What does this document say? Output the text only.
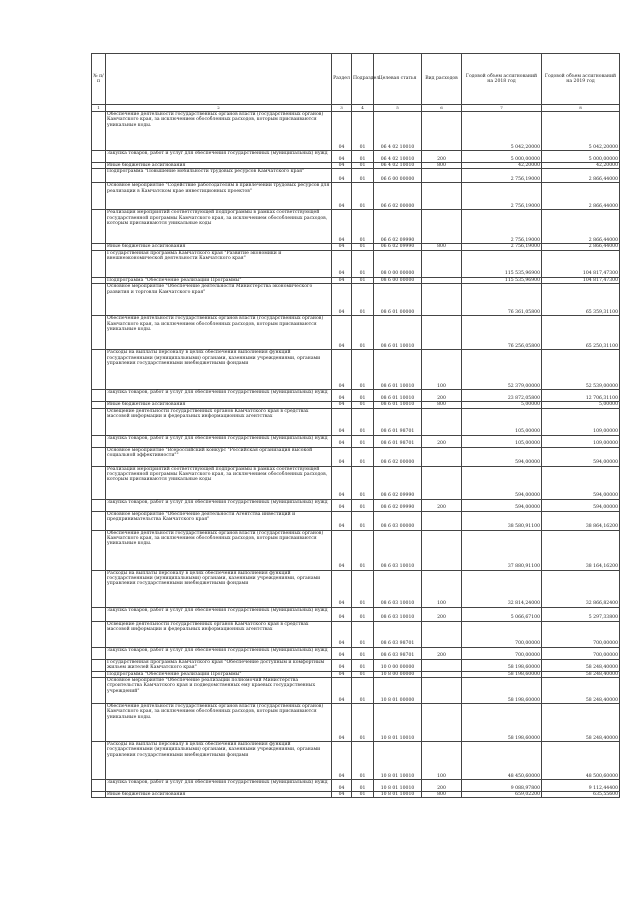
№ п/п		Раздел	Подраздел	Целевая статья	Вид расходов	Годовой объем ассигнований на 2018 год	Годовой объем ассигнований на 2019 год
1	2	3	4	5	6	7	8
	Обеспечение деятельности государственных органов власти (государственных органов) Камчатского края, за исключением обособленных расходов, которым присваиваются уникальные коды.	04	01	06 4 02 10010		5 042,20000	5 042,20000
	Закупка товаров, работ и услуг для обеспечения государственных (муниципальных) нужд	04	01	06 4 02 10010	200	5 000,00000	5 000,00000
	Иные бюджетные ассигнования	04	01	06 4 02 10010	800	42,20000	42,20000
	Подпрограмма "Повышение мобильности трудовых ресурсов Камчатского края"	04	01	06 6 00 00000		2 756,19000	2 866,44000
	Основное мероприятие "Содействие работодателям в привлечении трудовых ресурсов для реализации в Камчатском крае инвестиционных проектов"	04	01	06 6 02 00000		2 756,19000	2 866,44000
	Реализация мероприятий соответствующей подпрограммы в рамках соответствующей государственной программы Камчатского края, за исключением обособленных расходов, которым присваиваются уникальные коды	04	01	06 6 02 09990		2 756,19000	2 866,44000
	Иные бюджетные ассигнования	04	01	06 6 02 09990	800	2 756,19000	2 866,44000
	Государственная программа Камчатского края "Развитие экономики и внешнеэкономической деятельности Камчатского края"	04	01	08 0 00 00000		115 535,96900	104 817,47300
	Подпрограмма "Обеспечение реализации Программы"	04	01	08 6 00 00000		115 535,96900	104 817,47300
	Основное мероприятие "Обеспечение деятельности Министерства экономического развития и торговли Камчатского края"	04	01	08 6 01 00000		76 361,05800	65 359,31100
	Обеспечение деятельности государственных органов власти (государственных органов) Камчатского края, за исключением обособленных расходов, которым присваиваются уникальные коды.	04	01	08 6 01 10010		76 256,05800	65 250,31100
	Расходы на выплаты персоналу в целях обеспечения выполнения функций государственными (муниципальными) органами, казенными учреждениями, органами управления государственными внебюджетными фондами	04	01	08 6 01 10010	100	52 379,00000	52 539,00000
	Закупка товаров, работ и услуг для обеспечения государственных (муниципальных) нужд	04	01	08 6 01 10010	200	23 872,05800	12 706,31100
	Иные бюджетные ассигнования	04	01	08 6 01 10010	800	5,00000	5,00000
	Освещение деятельности государственных органов Камчатского края в средствах массовой информации и федеральных информационных агентствах	04	01	08 6 01 98701		105,00000	109,00000
	Закупка товаров, работ и услуг для обеспечения государственных (муниципальных) нужд	04	01	08 6 01 98701	200	105,00000	109,00000
	Основное мероприятие "Всероссийский конкурс "Российская организация высокой социальной эффективности""	04	01	08 6 02 00000		594,00000	594,00000
	Реализация мероприятий соответствующей подпрограммы в рамках соответствующей государственной программы Камчатского края, за исключением обособленных расходов, которым присваиваются уникальные коды	04	01	08 6 02 09990		594,00000	594,00000
	Закупка товаров, работ и услуг для обеспечения государственных (муниципальных) нужд	04	01	08 6 02 09990	200	594,00000	594,00000
	Основное мероприятие "Обеспечение деятельности Агентства инвестиций и предпринимательства Камчатского края"	04	01	08 6 03 00000		38 580,91100	38 864,16200
	Обеспечение деятельности государственных органов власти (государственных органов) Камчатского края, за исключением обособленных расходов, которым присваиваются уникальные коды.	04	01	08 6 03 10010		37 880,91100	38 164,16200
	Расходы на выплаты персоналу в целях обеспечения выполнения функций государственными (муниципальными) органами, казенными учреждениями, органами управления государственными внебюджетными фондами	04	01	08 6 03 10010	100	32 814,24000	32 866,82400
	Закупка товаров, работ и услуг для обеспечения государственных (муниципальных) нужд	04	01	08 6 03 10010	200	5 066,67100	5 297,33800
	Освещение деятельности государственных органов Камчатского края в средствах массовой информации и федеральных информационных агентствах	04	01	08 6 03 98701		700,00000	700,00000
	Закупка товаров, работ и услуг для обеспечения государственных (муниципальных) нужд	04	01	08 6 03 98701	200	700,00000	700,00000
	Государственная программа Камчатского края "Обеспечение доступным и комфортным жильем жителей Камчатского края"	04	01	10 0 00 00000		58 198,60000	58 248,40000
	Подпрограмма "Обеспечение реализации Программы"	04	01	10 8 00 00000		58 198,60000	58 248,40000
	Основное мероприятие "Обеспечение реализации полномочий Министерства строительства Камчатского края и подведомственных ему краевых государственных учреждений"	04	01	10 8 01 00000		58 198,60000	58 248,40000
	Обеспечение деятельности государственных органов власти (государственных органов) Камчатского края, за исключением обособленных расходов, которым присваиваются уникальные коды.	04	01	10 8 01 10010		58 198,60000	58 248,40000
	Расходы на выплаты персоналу в целях обеспечения выполнения функций государственными (муниципальными) органами, казенными учреждениями, органами управления государственными внебюджетными фондами	04	01	10 8 01 10010	100	48 450,60000	48 500,60000
	Закупка товаров, работ и услуг для обеспечения государственных (муниципальных) нужд	04	01	10 8 01 10010	200	9 088,97800	9 112,44400
	Иные бюджетные ассигнования	04	01	10 8 01 10010	800	659,02200	635,55600
